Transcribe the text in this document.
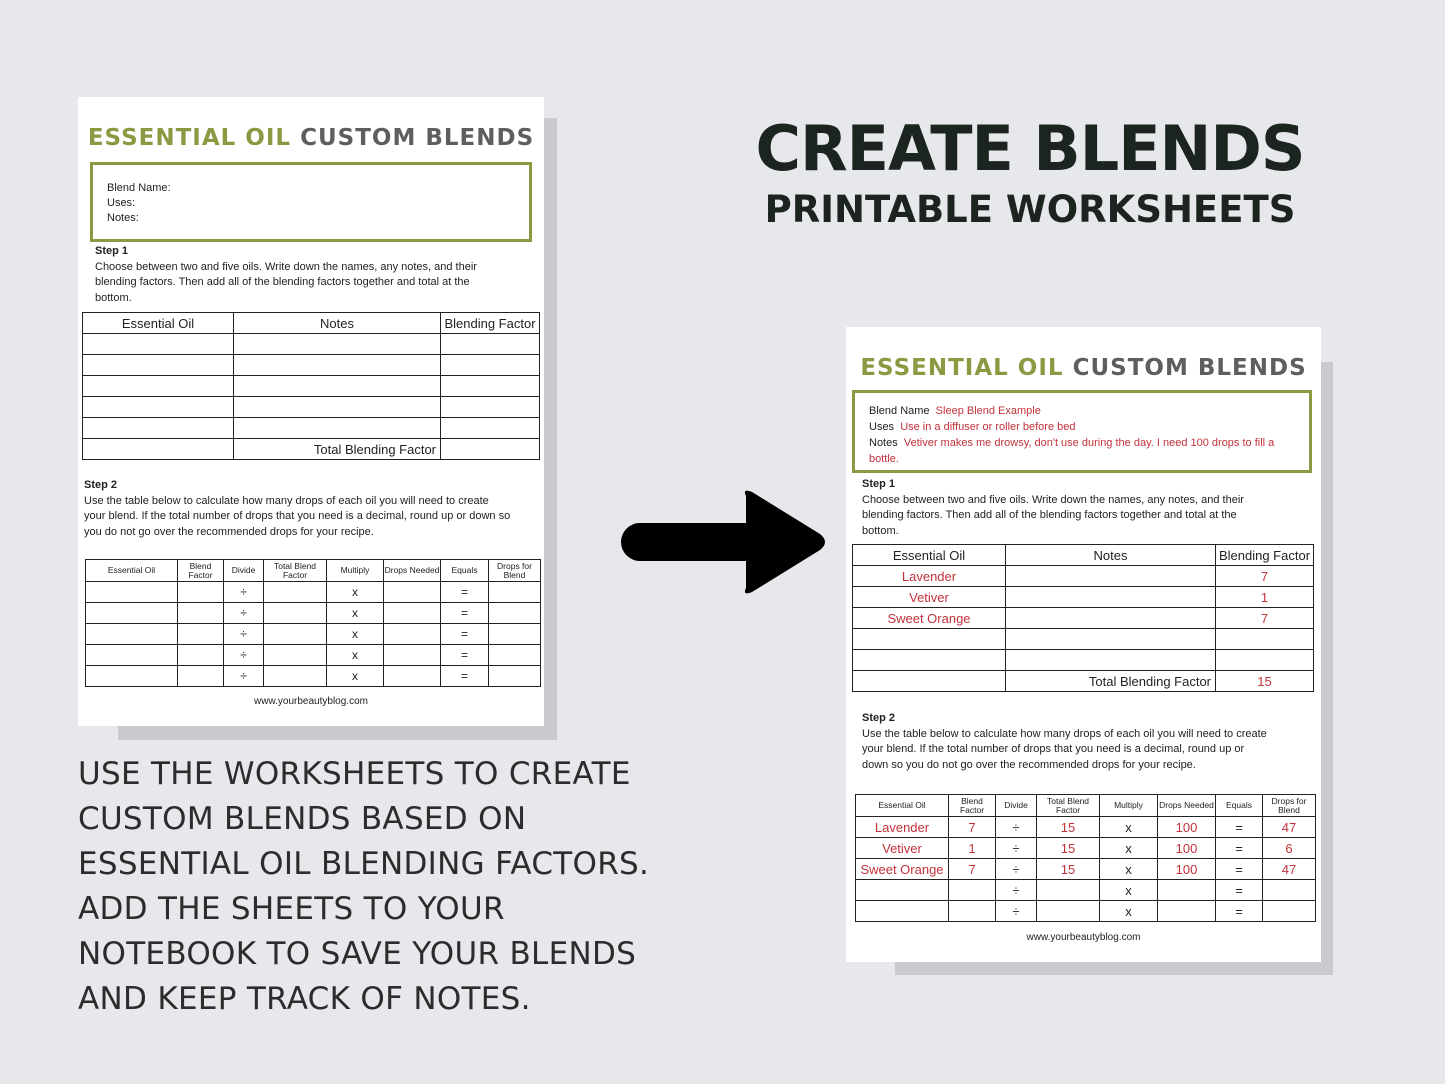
ESSENTIAL OIL CUSTOM BLENDS
Blend Name:
Uses:
Notes:
Step 1
Choose between two and five oils. Write down the names, any notes, and their
blending factors. Then add all of the blending factors together and total at the
bottom.
Essential Oil	Notes	Blending Factor

	Total Blending Factor	
Step 2
Use the table below to calculate how many drops of each oil you will need to create
your blend. If the total number of drops that you need is a decimal, round up or down so
you do not go over the recommended drops for your recipe.
Essential Oil	Blend Factor	Divide	Total Blend Factor	Multiply	Drops Needed	Equals	Drops for Blend
		÷		x		=	
		÷		x		=	
		÷		x		=	
		÷		x		=	
		÷		x		=	
www.yourbeautyblog.com
CREATE BLENDS
PRINTABLE WORKSHEETS
USE THE WORKSHEETS TO CREATE
CUSTOM BLENDS BASED ON
ESSENTIAL OIL BLENDING FACTORS.
ADD THE SHEETS TO YOUR
NOTEBOOK TO SAVE YOUR BLENDS
AND KEEP TRACK OF NOTES.
ESSENTIAL OIL CUSTOM BLENDS
Blend Name Sleep Blend Example
Uses Use in a diffuser or roller before bed
Notes Vetiver makes me drowsy, don't use during the day. I need 100 drops to fill a
bottle.
Step 1
Choose between two and five oils. Write down the names, any notes, and their
blending factors. Then add all of the blending factors together and total at the
bottom.
Essential Oil	Notes	Blending Factor
Lavender		7
Vetiver		1
Sweet Orange		7

	Total Blending Factor	15
Step 2
Use the table below to calculate how many drops of each oil you will need to create
your blend. If the total number of drops that you need is a decimal, round up or
down so you do not go over the recommended drops for your recipe.
Essential Oil	Blend Factor	Divide	Total Blend Factor	Multiply	Drops Needed	Equals	Drops for Blend
Lavender	7	÷	15	x	100	=	47
Vetiver	1	÷	15	x	100	=	6
Sweet Orange	7	÷	15	x	100	=	47
		÷		x		=	
		÷		x		=	
www.yourbeautyblog.com
